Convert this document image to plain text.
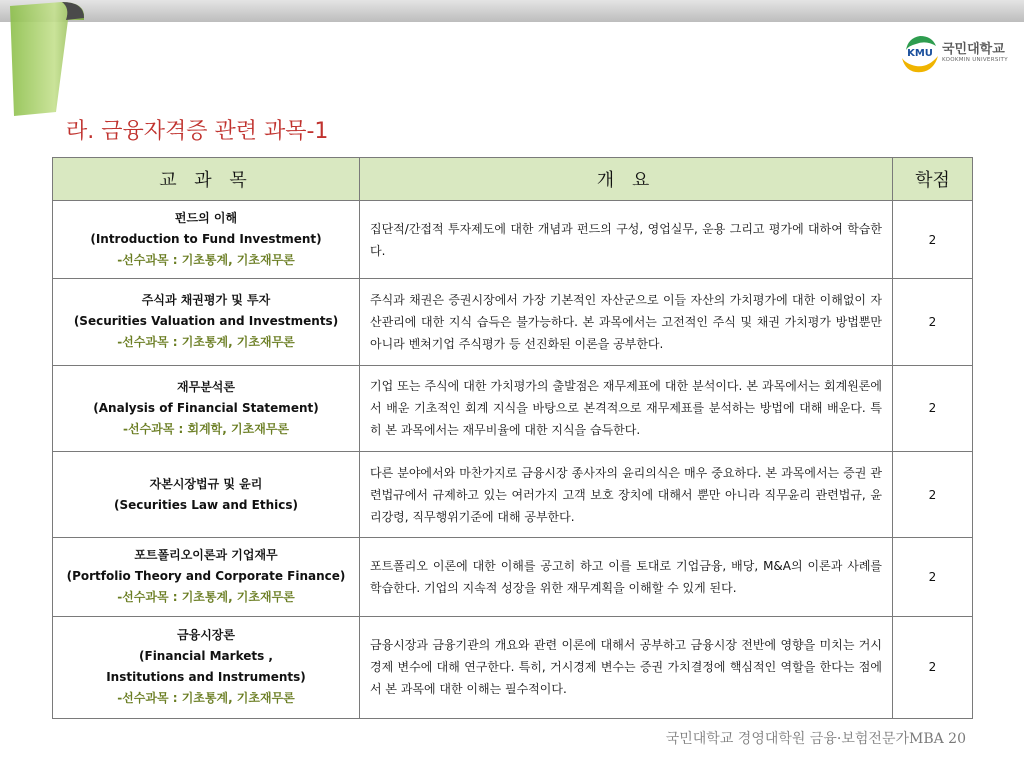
KMU 국민대학교
KOOKMIN UNIVERSITY
라. 금융자격증 관련 과목-1
교 과 목	개 요	학점

펀드의 이해
(Introduction to Fund Investment)
-선수과목 : 기초통계, 기초재무론	집단적/간접적 투자제도에 대한 개념과 펀드의 구성, 영업실무, 운용 그리고 평가에 대하여 학습한다.	2

주식과 채권평가 및 투자
(Securities Valuation and Investments)
-선수과목 : 기초통계, 기초재무론	주식과 채권은 증권시장에서 가장 기본적인 자산군으로 이들 자산의 가치평가에 대한 이해없이 자산관리에 대한 지식 습득은 불가능하다. 본 과목에서는 고전적인 주식 및 채권 가치평가 방법뿐만 아니라 벤쳐기업 주식평가 등 선진화된 이론을 공부한다.	2

재무분석론
(Analysis of Financial Statement)
-선수과목 : 회계학, 기초재무론	기업 또는 주식에 대한 가치평가의 출발점은 재무제표에 대한 분석이다. 본 과목에서는 회계원론에서 배운 기초적인 회계 지식을 바탕으로 본격적으로 재무제표를 분석하는 방법에 대해 배운다. 특히 본 과목에서는 재무비율에 대한 지식을 습득한다.	2

자본시장법규 및 윤리
(Securities Law and Ethics)	다른 분야에서와 마찬가지로 금융시장 종사자의 윤리의식은 매우 중요하다. 본 과목에서는 증권 관련법규에서 규제하고 있는 여러가지 고객 보호 장치에 대해서 뿐만 아니라 직무윤리 관련법규, 윤리강령, 직무행위기준에 대해 공부한다.	2

포트폴리오이론과 기업재무
(Portfolio Theory and Corporate Finance)
-선수과목 : 기초통계, 기초재무론	포트폴리오 이론에 대한 이해를 공고히 하고 이를 토대로 기업금융, 배당, M&A의 이론과 사례를 학습한다. 기업의 지속적 성장을 위한 재무계획을 이해할 수 있게 된다.	2

금융시장론
(Financial Markets ,
Institutions and Instruments)
-선수과목 : 기초통계, 기초재무론	금융시장과 금융기관의 개요와 관련 이론에 대해서 공부하고 금융시장 전반에 영향을 미치는 거시경제 변수에 대해 연구한다. 특히, 거시경제 변수는 증권 가치결정에 핵심적인 역할을 한다는 점에서 본 과목에 대한 이해는 필수적이다.	2
국민대학교 경영대학원 금융·보험전문가MBA 20
